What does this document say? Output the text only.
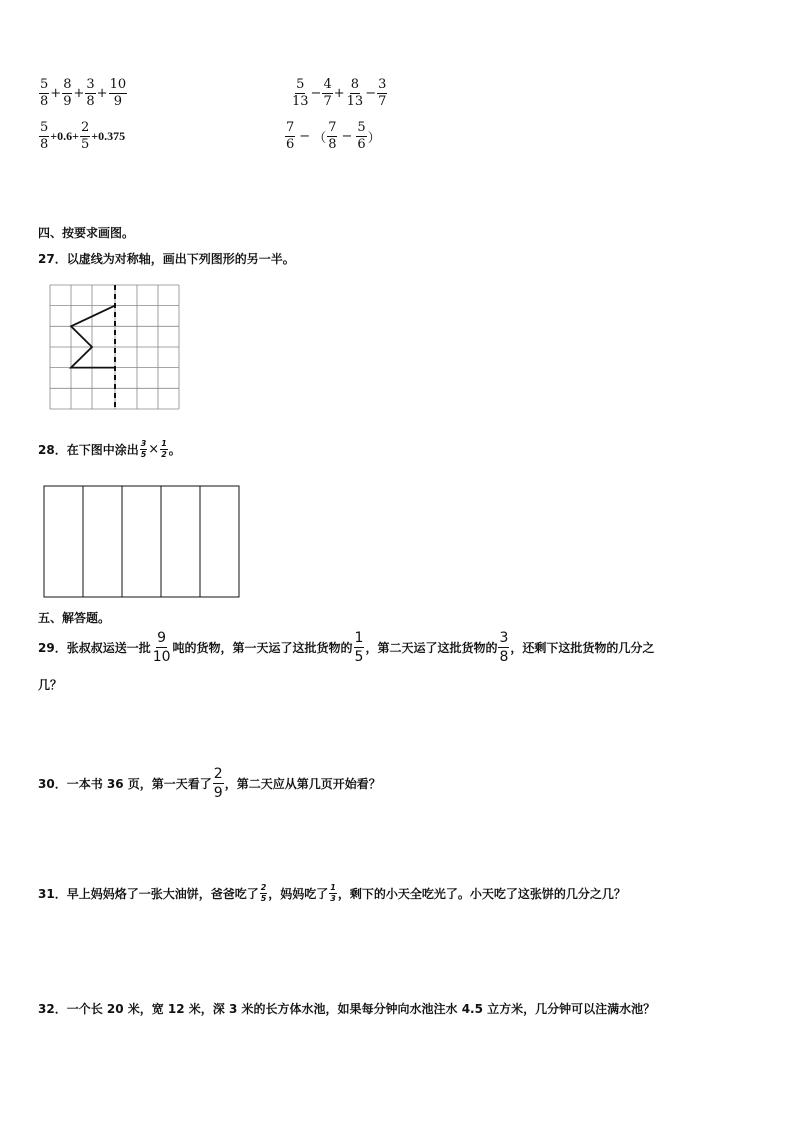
$\frac{5}{8} + \frac{8}{9} + \frac{3}{8} + \frac{10}{9}$	$\frac{5}{13} - \frac{4}{7} + \frac{8}{13} - \frac{3}{7}$
$\frac{5}{8} +0.6+ \frac{2}{5} +0.375$	$\frac{7}{6}$ − （ $\frac{7}{8} - \frac{5}{6}$ ）
四、按要求画图。
27．以虚线为对称轴，画出下列图形的另一半。
28．在下图中涂出 $\frac{3}{5} \times \frac{1}{2}$ 。
五、解答题。
29．张叔叔运送一批 $\frac{9}{10}$ 吨的货物，第一天运了这批货物的 $\frac{1}{5}$ ，第二天运了这批货物的 $\frac{3}{8}$ ，还剩下这批货物的几分之
几？
30．一本书 36 页，第一天看了 $\frac{2}{9}$ ，第二天应从第几页开始看？
31．早上妈妈烙了一张大油饼，爸爸吃了 $\frac{2}{5}$ ，妈妈吃了 $\frac{1}{3}$ ，剩下的小天全吃光了。小天吃了这张饼的几分之几？
32．一个长 20 米，宽 12 米，深 3 米的长方体水池，如果每分钟向水池注水 4.5 立方米，几分钟可以注满水池？
